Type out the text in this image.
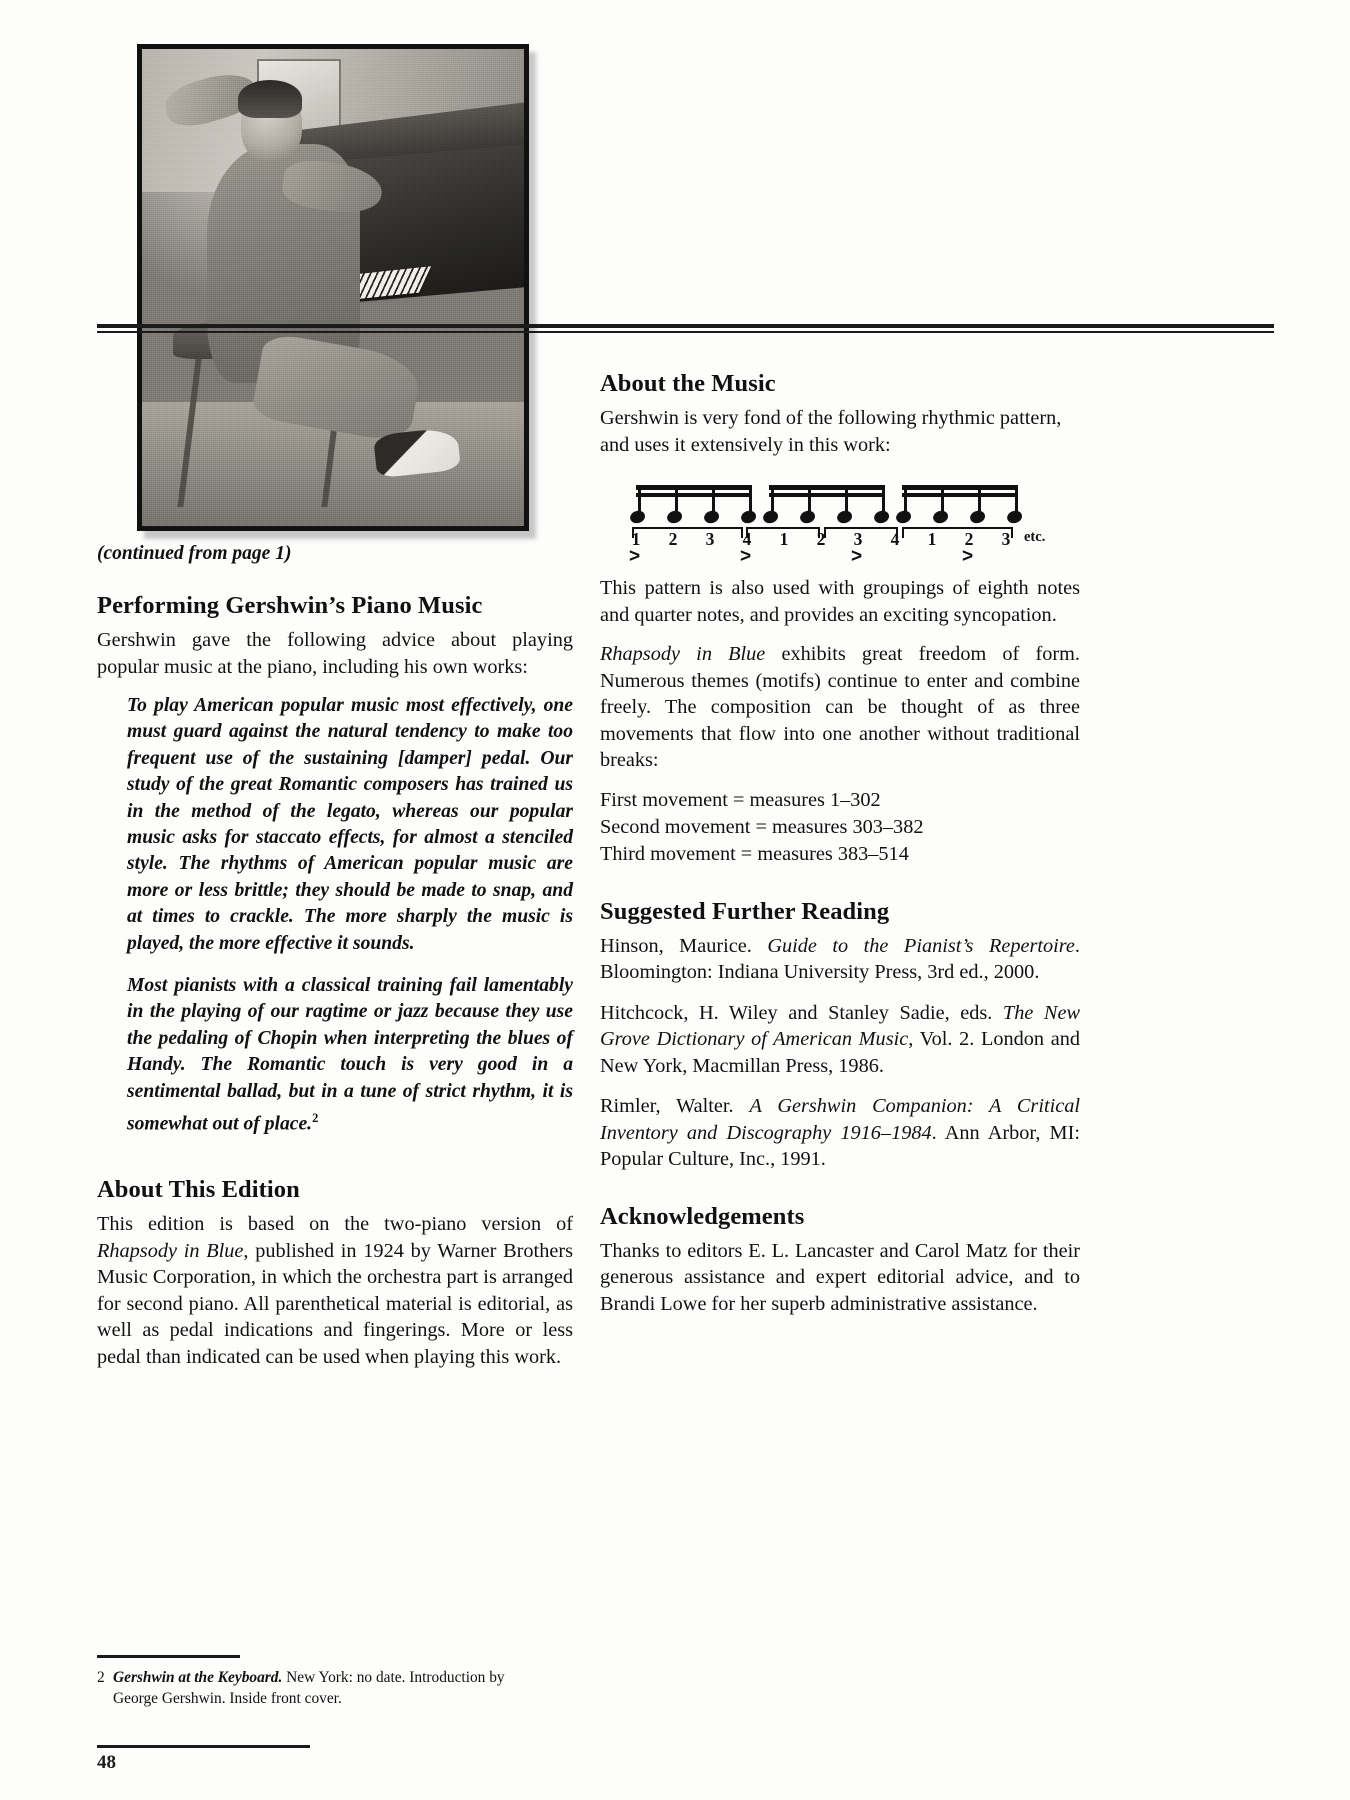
(continued from page 1)
Performing Gershwin’s Piano Music

Gershwin gave the following advice about playing popular music at the piano, including his own works:

To play American popular music most effectively, one must guard against the natural tendency to make too frequent use of the sustaining [damper] pedal. Our study of the great Romantic composers has trained us in the method of the legato, whereas our popular music asks for staccato effects, for almost a stenciled style. The rhythms of American popular music are more or less brittle; they should be made to snap, and at times to crackle. The more sharply the music is played, the more effective it sounds.

Most pianists with a classical training fail lamentably in the playing of our ragtime or jazz because they use the pedaling of Chopin when interpreting the blues of Handy. The Romantic touch is very good in a sentimental ballad, but in a tune of strict rhythm, it is somewhat out of place.$^2$

About This Edition

This edition is based on the two-piano version of Rhapsody in Blue, published in 1924 by Warner Brothers Music Corporation, in which the orchestra part is arranged for second piano. All parenthetical material is editorial, as well as pedal indications and fingerings. More or less pedal than indicated can be used when playing this work.

About the Music

Gershwin is very fond of the following rhythmic pattern, and uses it extensively in this work:

1 2 3 4 1 2 3 4 1 2 3
>	>	>	>
etc.

This pattern is also used with groupings of eighth notes and quarter notes, and provides an exciting syncopation.

Rhapsody in Blue exhibits great freedom of form. Numerous themes (motifs) continue to enter and combine freely. The composition can be thought of as three movements that flow into one another without traditional breaks:

First movement = measures 1–302

Second movement = measures 303–382

Third movement = measures 383–514

Suggested Further Reading

Hinson, Maurice. Guide to the Pianist’s Repertoire. Bloomington: Indiana University Press, 3rd ed., 2000.

Hitchcock, H. Wiley and Stanley Sadie, eds. The New Grove Dictionary of American Music, Vol. 2. London and New York, Macmillan Press, 1986.

Rimler, Walter. A Gershwin Companion: A Critical Inventory and Discography 1916–1984. Ann Arbor, MI: Popular Culture, Inc., 1991.

Acknowledgements

Thanks to editors E. L. Lancaster and Carol Matz for their generous assistance and expert editorial advice, and to Brandi Lowe for her superb administrative assistance.

2 Gershwin at the Keyboard. New York: no date. Introduction by
George Gershwin. Inside front cover.
48
